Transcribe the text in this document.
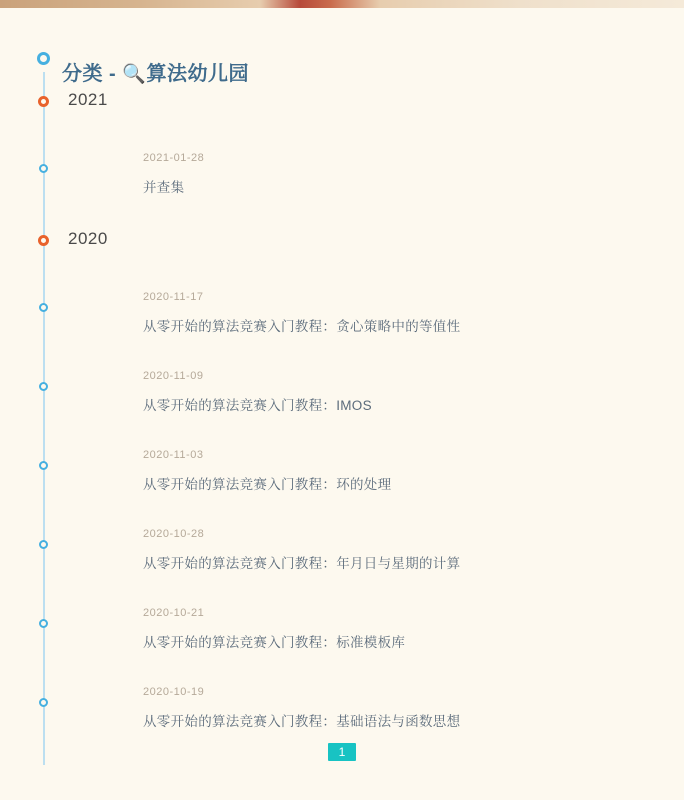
分类 - 🔍算法幼儿园
2021
2021-01-28
并查集
2020
2020-11-17
从零开始的算法竞赛入门教程：贪心策略中的等值性
2020-11-09
从零开始的算法竞赛入门教程：IMOS
2020-11-03
从零开始的算法竞赛入门教程：环的处理
2020-10-28
从零开始的算法竞赛入门教程：年月日与星期的计算
2020-10-21
从零开始的算法竞赛入门教程：标准模板库
2020-10-19
从零开始的算法竞赛入门教程：基础语法与函数思想
1
